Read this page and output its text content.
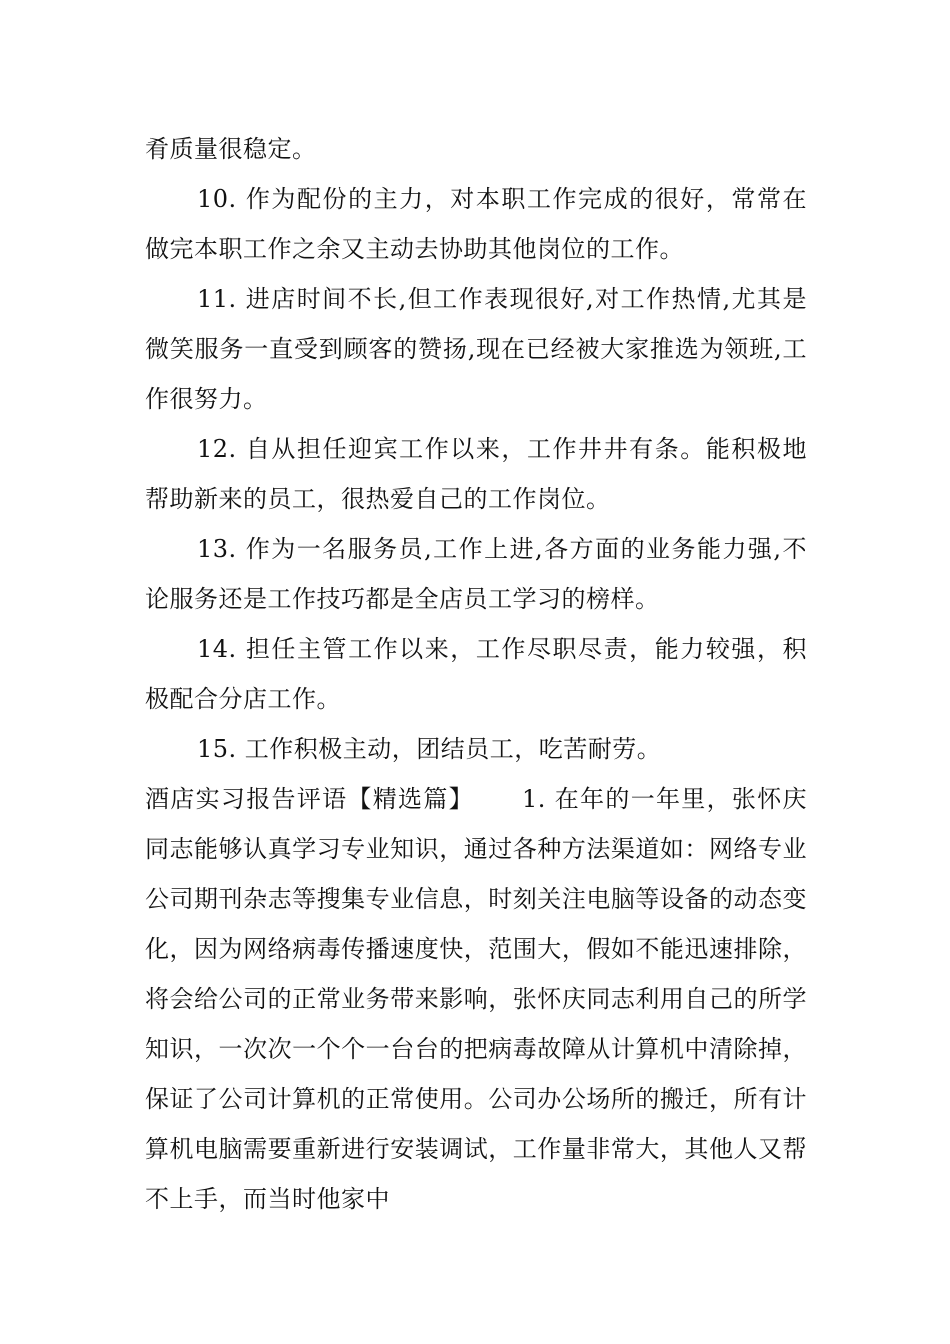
肴质量很稳定。

10. 作为配份的主力，对本职工作完成的很好，常常在做完本职工作之余又主动去协助其他岗位的工作。

11. 进店时间不长,但工作表现很好,对工作热情,尤其是微笑服务一直受到顾客的赞扬,现在已经被大家推选为领班,工作很努力。

12. 自从担任迎宾工作以来，工作井井有条。能积极地帮助新来的员工，很热爱自己的工作岗位。

13. 作为一名服务员,工作上进,各方面的业务能力强,不论服务还是工作技巧都是全店员工学习的榜样。

14. 担任主管工作以来，工作尽职尽责，能力较强，积极配合分店工作。

15. 工作积极主动，团结员工，吃苦耐劳。

酒店实习报告评语【精选篇】 1. 在年的一年里，张怀庆同志能够认真学习专业知识，通过各种方法渠道如：网络专业公司期刊杂志等搜集专业信息，时刻关注电脑等设备的动态变化，因为网络病毒传播速度快，范围大，假如不能迅速排除，将会给公司的正常业务带来影响，张怀庆同志利用自己的所学知识，一次次一个个一台台的把病毒故障从计算机中清除掉，保证了公司计算机的正常使用。公司办公场所的搬迁，所有计算机电脑需要重新进行安装调试，工作量非常大，其他人又帮不上手，而当时他家中
